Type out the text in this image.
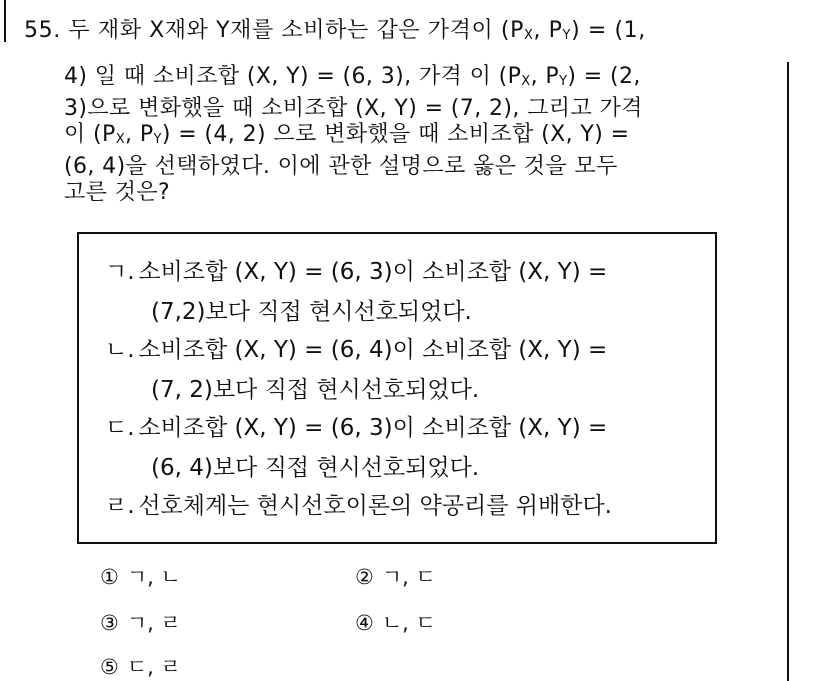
55. 두 재화 X재와 Y재를 소비하는 갑은 가격이 ($P_X$, $P_Y) = (1$,
4) 일 때 소비조합 (X, Y) = (6, 3), 가격 이 ($P_X$, $P_Y) = (2$,
3)으로 변화했을 때 소비조합 (X, Y) = (7, 2), 그리고 가격
이 ($P_X$, $P_Y) = (4$, 2) 으로 변화했을 때 소비조합 (X, Y) =
(6, 4)을 선택하였다. 이에 관한 설명으로 옳은 것을 모두
고른 것은?
ㄱ. 소비조합 (X, Y) = (6, 3)이 소비조합 (X, Y) =
(7,2)보다 직접 현시선호되었다.
ㄴ. 소비조합 (X, Y) = (6, 4)이 소비조합 (X, Y) =
(7, 2)보다 직접 현시선호되었다.
ㄷ. 소비조합 (X, Y) = (6, 3)이 소비조합 (X, Y) =
(6, 4)보다 직접 현시선호되었다.
ㄹ. 선호체계는 현시선호이론의 약공리를 위배한다.
① ㄱ, ㄴ	② ㄱ, ㄷ
③ ㄱ, ㄹ	④ ㄴ, ㄷ
⑤ ㄷ, ㄹ
